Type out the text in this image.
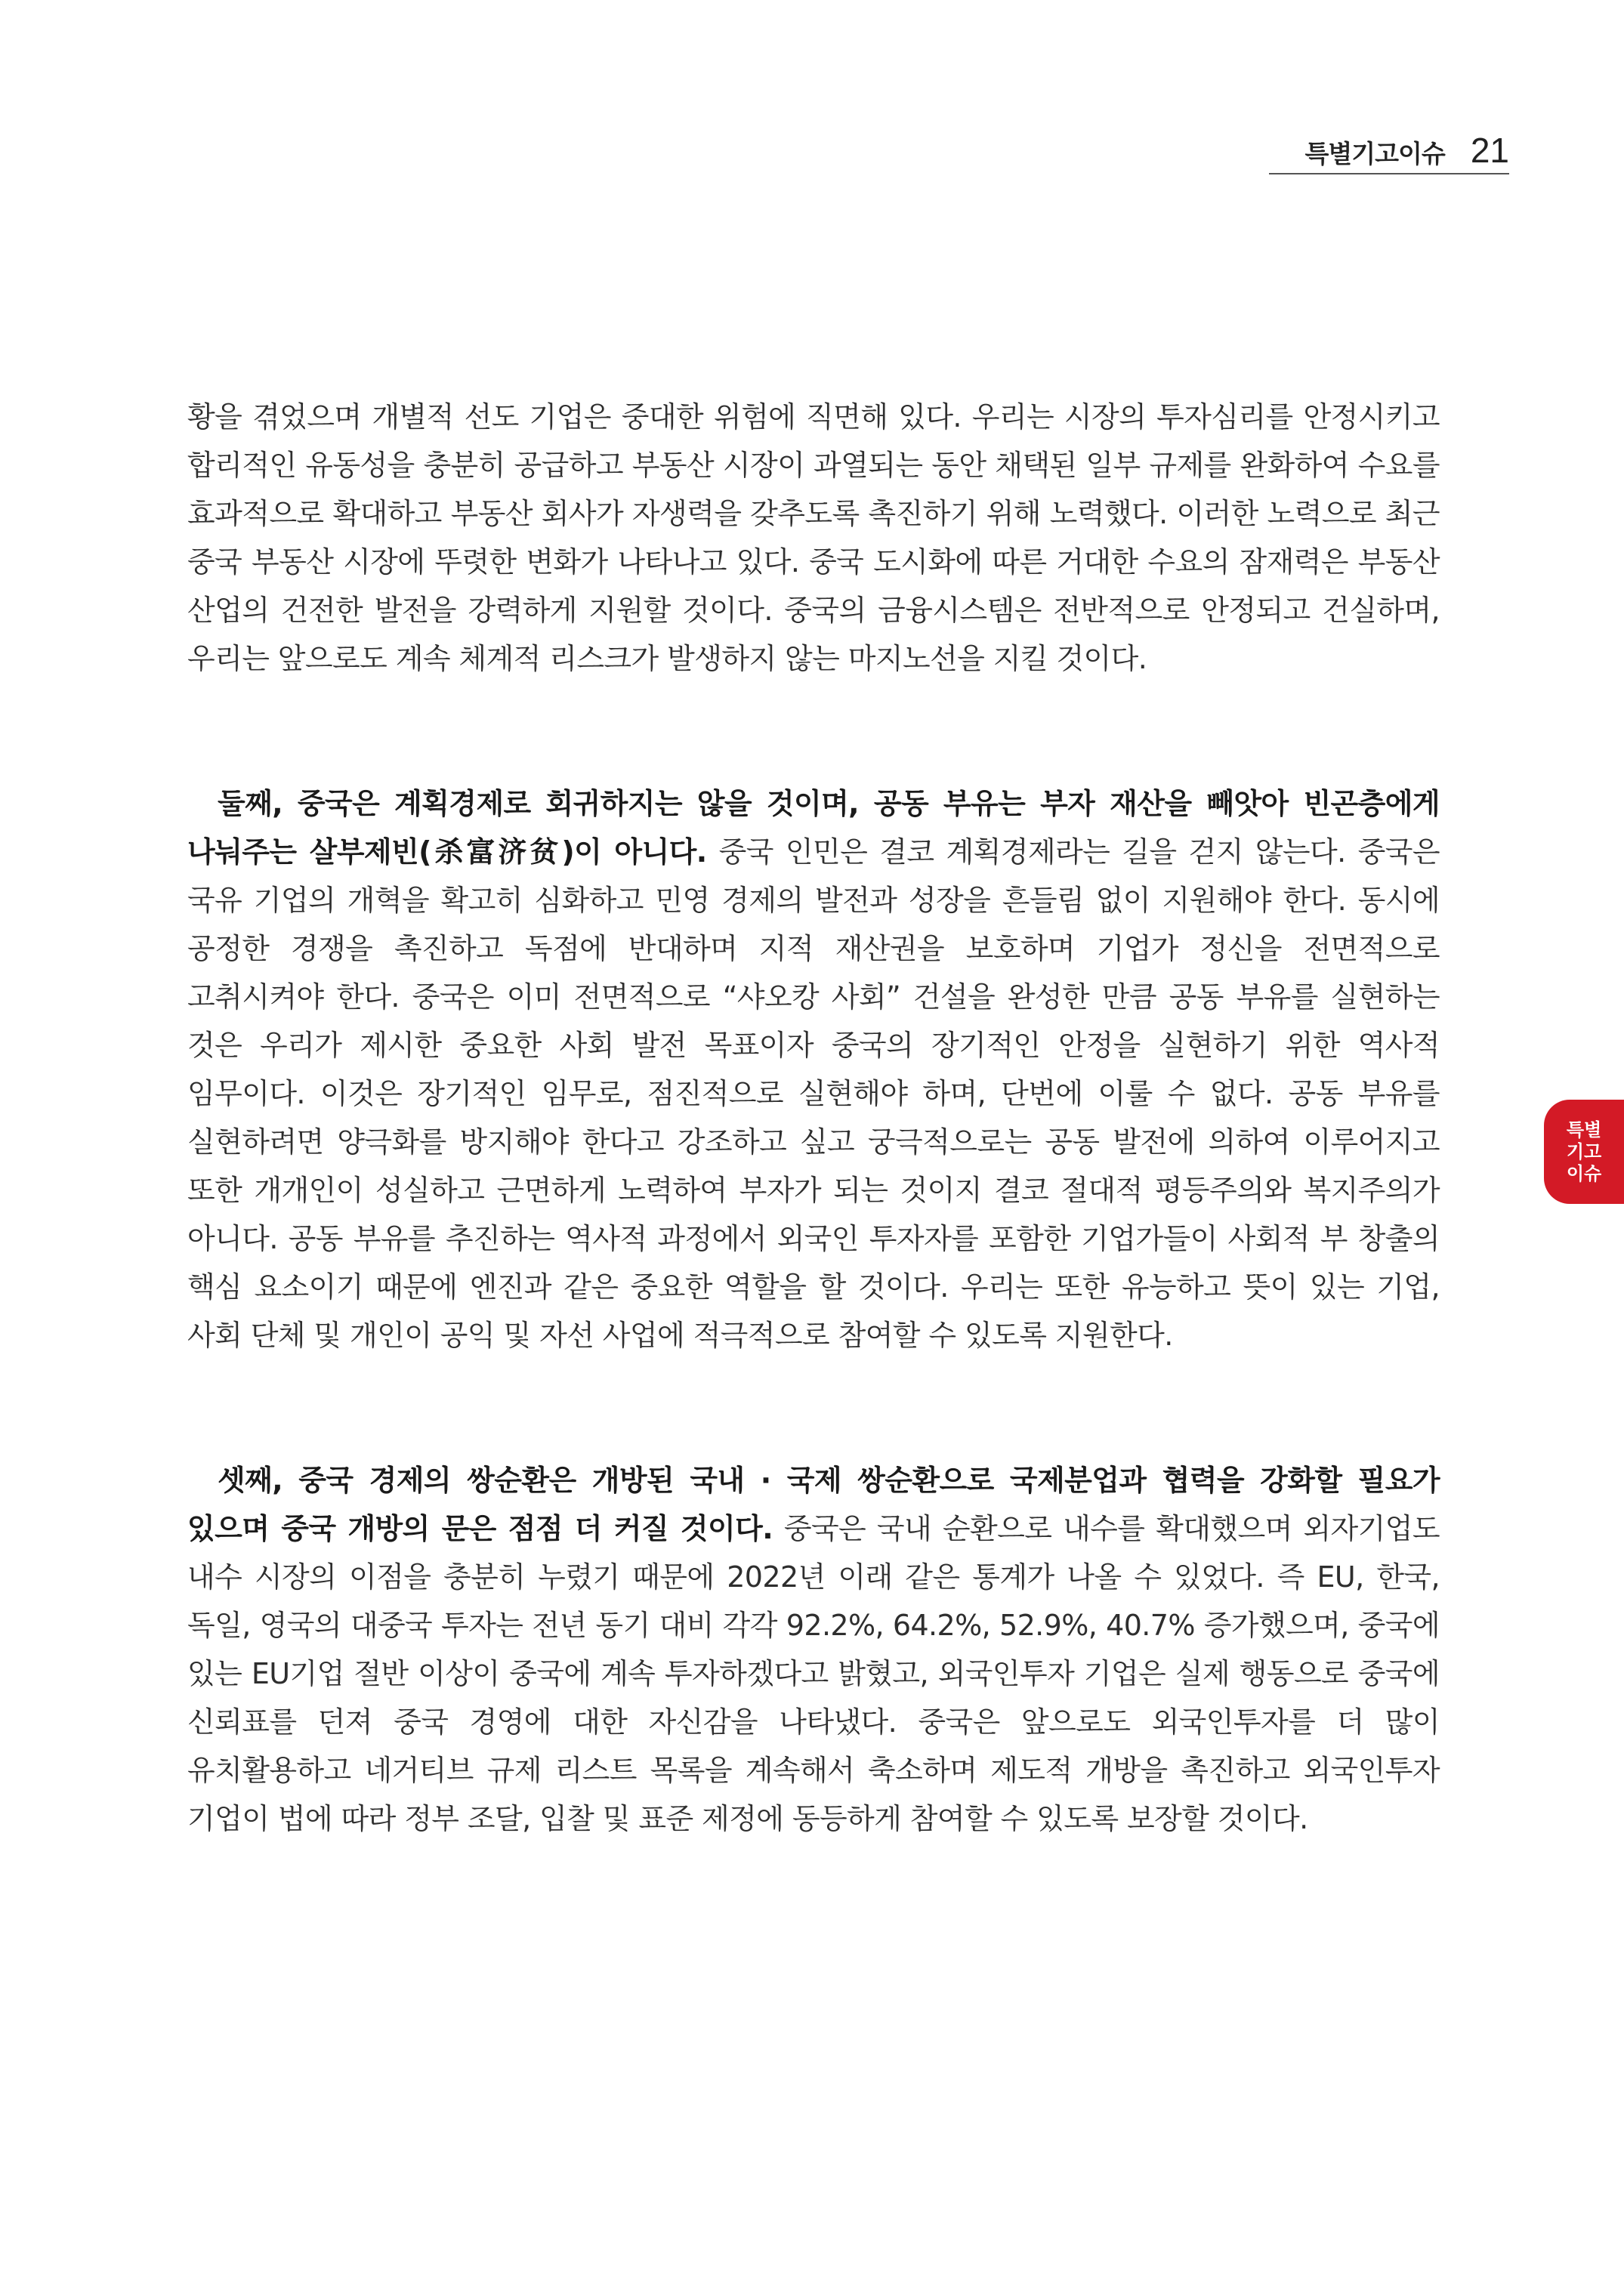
특별기고이슈 21
특별
기고
이슈

황을 겪었으며 개별적 선도 기업은 중대한 위험에 직면해 있다. 우리는 시장의 투자심리를 안정시키고 합리적인 유동성을 충분히 공급하고 부동산 시장이 과열되는 동안 채택된 일부 규제를 완화하여 수요를 효과적으로 확대하고 부동산 회사가 자생력을 갖추도록 촉진하기 위해 노력했다. 이러한 노력으로 최근 중국 부동산 시장에 뚜렷한 변화가 나타나고 있다. 중국 도시화에 따른 거대한 수요의 잠재력은 부동산 산업의 건전한 발전을 강력하게 지원할 것이다. 중국의 금융시스템은 전반적으로 안정되고 건실하며, 우리는 앞으로도 계속 체계적 리스크가 발생하지 않는 마지노선을 지킬 것이다.

둘째, 중국은 계획경제로 회귀하지는 않을 것이며, 공동 부유는 부자 재산을 빼앗아 빈곤층에게 나눠주는 살부제빈(杀富济贫)이 아니다. 중국 인민은 결코 계획경제라는 길을 걷지 않는다. 중국은 국유 기업의 개혁을 확고히 심화하고 민영 경제의 발전과 성장을 흔들림 없이 지원해야 한다. 동시에 공정한 경쟁을 촉진하고 독점에 반대하며 지적 재산권을 보호하며 기업가 정신을 전면적으로 고취시켜야 한다. 중국은 이미 전면적으로 “샤오캉 사회” 건설을 완성한 만큼 공동 부유를 실현하는 것은 우리가 제시한 중요한 사회 발전 목표이자 중국의 장기적인 안정을 실현하기 위한 역사적 임무이다. 이것은 장기적인 임무로, 점진적으로 실현해야 하며, 단번에 이룰 수 없다. 공동 부유를 실현하려면 양극화를 방지해야 한다고 강조하고 싶고 궁극적으로는 공동 발전에 의하여 이루어지고 또한 개개인이 성실하고 근면하게 노력하여 부자가 되는 것이지 결코 절대적 평등주의와 복지주의가 아니다. 공동 부유를 추진하는 역사적 과정에서 외국인 투자자를 포함한 기업가들이 사회적 부 창출의 핵심 요소이기 때문에 엔진과 같은 중요한 역할을 할 것이다. 우리는 또한 유능하고 뜻이 있는 기업, 사회 단체 및 개인이 공익 및 자선 사업에 적극적으로 참여할 수 있도록 지원한다.

셋째, 중국 경제의 쌍순환은 개방된 국내 · 국제 쌍순환으로 국제분업과 협력을 강화할 필요가 있으며 중국 개방의 문은 점점 더 커질 것이다. 중국은 국내 순환으로 내수를 확대했으며 외자기업도 내수 시장의 이점을 충분히 누렸기 때문에 2022년 이래 같은 통계가 나올 수 있었다. 즉 EU, 한국, 독일, 영국의 대중국 투자는 전년 동기 대비 각각 92.2%, 64.2%, 52.9%, 40.7% 증가했으며, 중국에 있는 EU기업 절반 이상이 중국에 계속 투자하겠다고 밝혔고, 외국인투자 기업은 실제 행동으로 중국에 신뢰표를 던져 중국 경영에 대한 자신감을 나타냈다. 중국은 앞으로도 외국인투자를 더 많이 유치활용하고 네거티브 규제 리스트 목록을 계속해서 축소하며 제도적 개방을 촉진하고 외국인투자 기업이 법에 따라 정부 조달, 입찰 및 표준 제정에 동등하게 참여할 수 있도록 보장할 것이다.
